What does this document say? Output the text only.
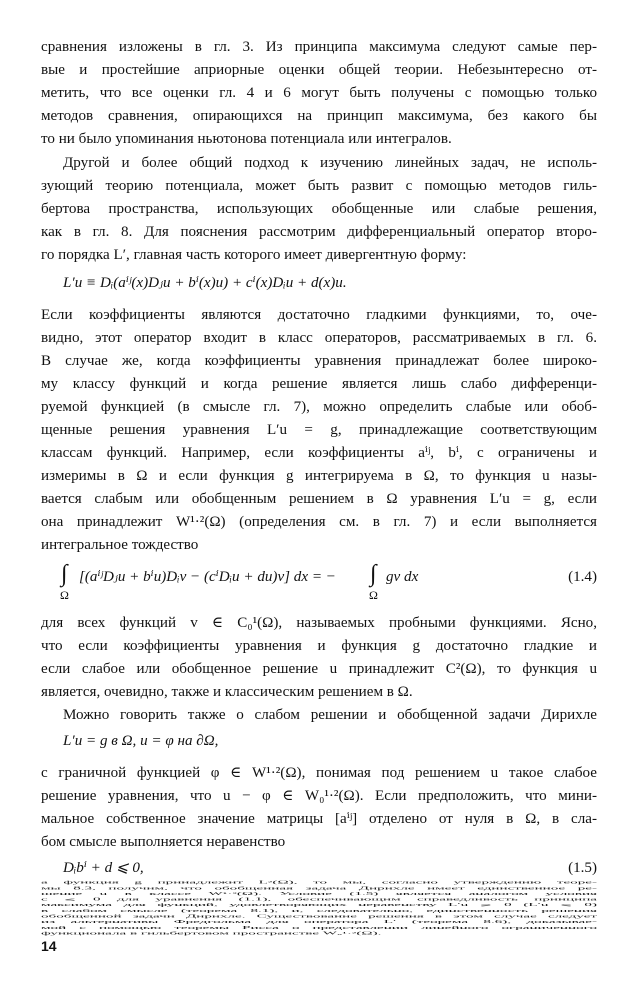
сравнения изложены в гл. 3. Из принципа максимума следуют самые пер-
вые и простейшие априорные оценки общей теории. Небезынтересно от-
метить, что все оценки гл. 4 и 6 могут быть получены с помощью только
методов сравнения, опирающихся на принцип максимума, без какого бы
то ни было упоминания ньютонова потенциала или интегралов.
Другой и более общий подход к изучению линейных задач, не исполь-
зующий теорию потенциала, может быть развит с помощью методов гиль-
бертова пространства, использующих обобщенные или слабые решения,
как в гл. 8. Для пояснения рассмотрим дифференциальный оператор второ-
го порядка L′, главная часть которого имеет дивергентную форму:
L′u ≡ Dᵢ(aⁱʲ(x)Dⱼu + bⁱ(x)u) + cⁱ(x)Dᵢu + d(x)u.
Если коэффициенты являются достаточно гладкими функциями, то, оче-
видно, этот оператор входит в класс операторов, рассматриваемых в гл. 6.
В случае же, когда коэффициенты уравнения принадлежат более широко-
му классу функций и когда решение является лишь слабо дифференци-
руемой функцией (в смысле гл. 7), можно определить слабые или обоб-
щенные решения уравнения L′u = g, принадлежащие соответствующим
классам функций. Например, если коэффициенты aⁱʲ, bⁱ, c ограничены и
измеримы в Ω и если функция g интегрируема в Ω, то функция u назы-
вается слабым или обобщенным решением в Ω уравнения L′u = g, если
она принадлежит W¹·²(Ω) (определения см. в гл. 7) и если выполняется
интегральное тождество
∫
Ω
[(aⁱʲDⱼu + bⁱu)Dᵢv − (cⁱDᵢu + du)v] dx = − ∫
Ω
gv dx	(1.4)
для всех функций v ∈ C₀¹(Ω), называемых пробными функциями. Ясно,
что если коэффициенты уравнения и функция g достаточно гладкие и
если слабое или обобщенное решение u принадлежит C²(Ω), то функция u
является, очевидно, также и классическим решением в Ω.
Можно говорить также о слабом решении и обобщенной задачи Дирихле
L′u = g в Ω, u = φ на ∂Ω,
с граничной функцией φ ∈ W¹·²(Ω), понимая под решением u такое слабое
решение уравнения, что u − φ ∈ W₀¹·²(Ω). Если предположить, что мини-
мальное собственное значение матрицы [aⁱʲ] отделено от нуля в Ω, в сла-
бом смысле выполняется неравенство
Dᵢbⁱ + d ⩽ 0,	(1.5)
14
а функция g принадлежит L²(Ω), то мы, согласно утверждению теоре-
мы 8.3, получим, что обобщенная задача Дирихле имеет единственное ре-
шение u в классе W¹·²(Ω). Условие (1.5) является аналогом условия
c ⩽ 0 для уравнения (1.1), обеспечивающим справедливость принципа
максимума для функций, удовлетворяющих неравенству L′u ⩾ 0 (L′u ⩽ 0)
в слабом смысле (теорема 8.1), и, следовательно, единственность решения
обобщенной задачи Дирихле. Существование решения в этом случае следует
из альтернативы Фредгольма для оператора L′ (теорема 8.6), доказывае-
мой с помощью теоремы Рисса о представлении линейного ограниченного
функционала в гильбертовом пространстве W₀¹·²(Ω).
